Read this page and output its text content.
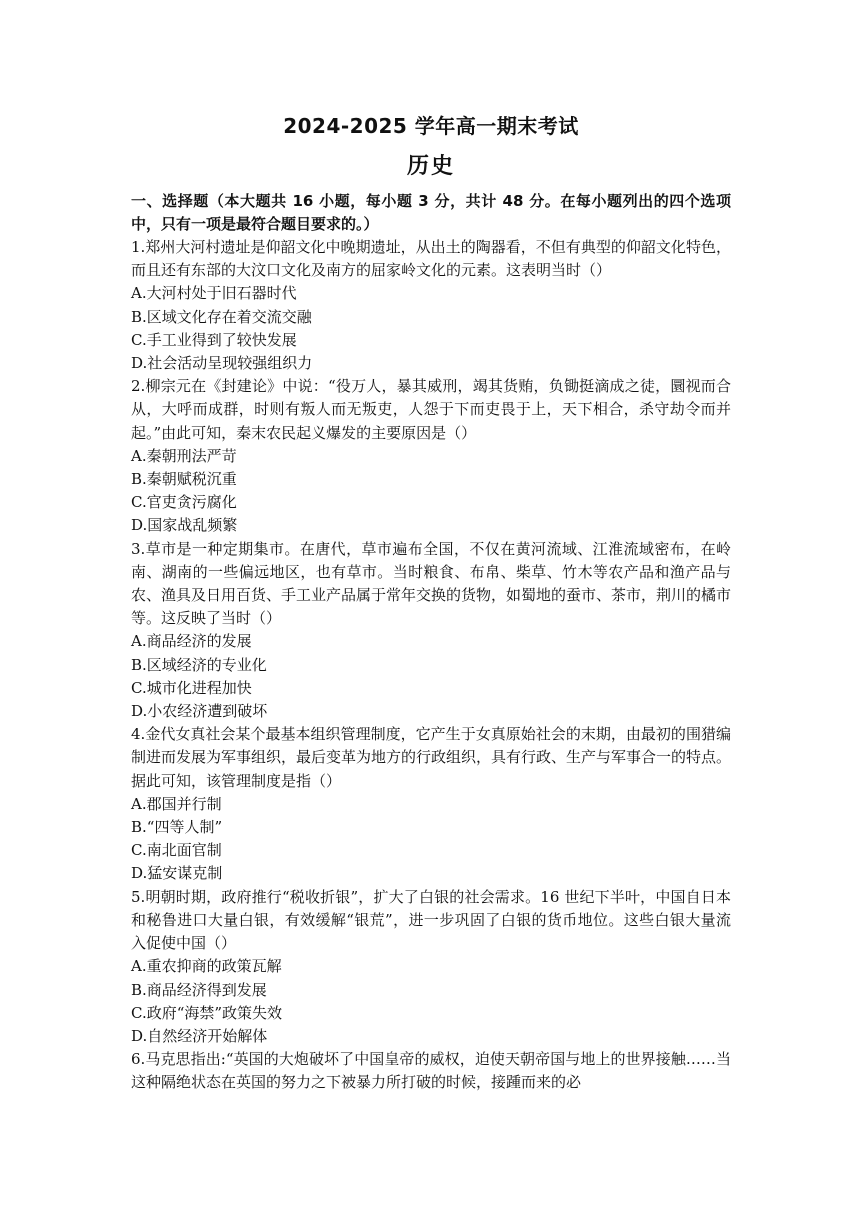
2024-2025 学年高一期末考试
历史
一、选择题（本大题共 16 小题，每小题 3 分，共计 48 分。在每小题列出的四个选项中，只有一项是最符合题目要求的。）
1.郑州大河村遗址是仰韶文化中晚期遗址，从出土的陶器看，不但有典型的仰韶文化特色，而且还有东部的大汶口文化及南方的屈家岭文化的元素。这表明当时（）
A.大河村处于旧石器时代
B.区域文化存在着交流交融
C.手工业得到了较快发展
D.社会活动呈现较强组织力
2.柳宗元在《封建论》中说：“役万人，暴其威刑，竭其货贿，负锄挺滴成之徒，圜视而合从，大呼而成群，时则有叛人而无叛吏，人怨于下而吏畏于上，天下相合，杀守劫令而并起。”由此可知，秦末农民起义爆发的主要原因是（）
A.秦朝刑法严苛
B.秦朝赋税沉重
C.官吏贪污腐化
D.国家战乱频繁
3.草市是一种定期集市。在唐代，草市遍布全国，不仅在黄河流域、江淮流域密布，在岭南、湖南的一些偏远地区，也有草市。当时粮食、布帛、柴草、竹木等农产品和渔产品与农、渔具及日用百货、手工业产品属于常年交换的货物，如蜀地的蚕市、茶市，荆川的橘市等。这反映了当时（）
A.商品经济的发展
B.区域经济的专业化
C.城市化进程加快
D.小农经济遭到破坏
4.金代女真社会某个最基本组织管理制度，它产生于女真原始社会的末期，由最初的围猎编制进而发展为军事组织，最后变革为地方的行政组织，具有行政、生产与军事合一的特点。据此可知，该管理制度是指（）
A.郡国并行制
B.“四等人制”
C.南北面官制
D.猛安谋克制
5.明朝时期，政府推行“税收折银”，扩大了白银的社会需求。16 世纪下半叶，中国自日本和秘鲁进口大量白银，有效缓解“银荒”，进一步巩固了白银的货币地位。这些白银大量流入促使中国（）
A.重农抑商的政策瓦解
B.商品经济得到发展
C.政府“海禁”政策失效
D.自然经济开始解体
6.马克思指出:“英国的大炮破坏了中国皇帝的威权，迫使天朝帝国与地上的世界接触……当这种隔绝状态在英国的努力之下被暴力所打破的时候，接踵而来的必
